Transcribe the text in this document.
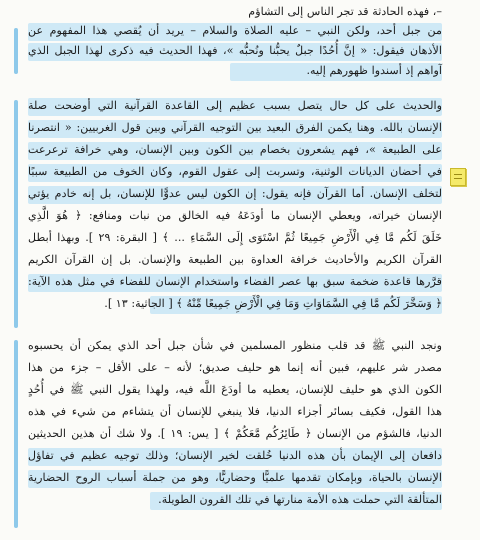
–، فهذه الحادثة قد تجر الناس إلى التشاؤم
من جبل أحد، ولكن النبي – عليه الصلاة والسلام – يريد أن يُقصي هذا المفهوم عن
الأذهان فيقول: « إنَّ أُحُدًا جبلٌ يحبُّنا ونُحبُّه »، فهذا الحديث فيه ذكرى لهذا الجبل الذي
آواهم إذ أسندوا ظهورهم إليه.
والحديث على كل حال يتصل بسبب عظيم إلى القاعدة القرآنية التي أوضحت صلة
الإنسان بالله. وهنا يكمن الفرق البعيد بين التوجيه القرآني وبين قول الغربيين: « انتصرنا
على الطبيعة »، فهم يشعرون بخصام بين الكون وبين الإنسان، وهي خرافة ترعرعت
في أحضان الديانات الوثنية، وتسربت إلى عقول القوم، وكان الخوف من الطبيعة سببًا
لتخلف الإنسان. أما القرآن فإنه يقول: إن الكون ليس عدوًّا للإنسان، بل إنه خادم يؤتي
الإنسان خيراته، ويعطي الإنسان ما أودَعَهُ فيه الخالق من نبات ومنافع: ﴿ هُوَ الَّذِي
خَلَقَ لَكُم مَّا فِي الْأَرْضِ جَمِيعًا ثُمَّ اسْتَوَى إِلَى السَّمَاءِ ... ﴾ [ البقرة: ٢٩ ]. وبهذا أبطل
القرآن الكريم والأحاديث خرافة العداوة بين الطبيعة والإنسان. بل إن القرآن الكريم
قرَّرها قاعدة ضخمة سبق بها عصر الفضاء واستخدام الإنسان للفضاء في مثل هذه الآية:
﴿ وَسَخَّرَ لَكُم مَّا فِي السَّمَاوَاتِ وَمَا فِي الْأَرْضِ جَمِيعًا مِّنْهُ ﴾ [ الجاثية: ١٣ ].
ونجد النبي ﷺ قد قلب منظور المسلمين في شأن جبل أحد الذي يمكن أن يحسبوه
مصدر شر عليهم، فبين أنه إنما هو حليف صديق؛ لأنه – على الأقل – جزء من هذا
الكون الذي هو حليف للإنسان، يعطيه ما أودَعَ اللَّه فيه، ولهذا يقول النبي ﷺ في أُحُدٍ
هذا القول، فكيف بسائر أجزاء الدنيا، فلا ينبغي للإنسان أن يتشاءم من شيء في هذه
الدنيا، فالشؤم من الإنسان ﴿ طَائِرُكُم مَّعَكُمْ ﴾ [ يس: ١٩ ]. ولا شك أن هذين الحديثين
دافعان إلى الإيمان بأن هذه الدنيا خُلقت لخير الإنسان؛ وذلك توجيه عظيم في تفاؤل
الإنسان بالحياة، وبإمكان تقدمها علميًّا وحضاريًّا، وهو من جملة أسباب الروح الحضارية
المتألقة التي حملت هذه الأمة منارتها في تلك القرون الطويلة.
